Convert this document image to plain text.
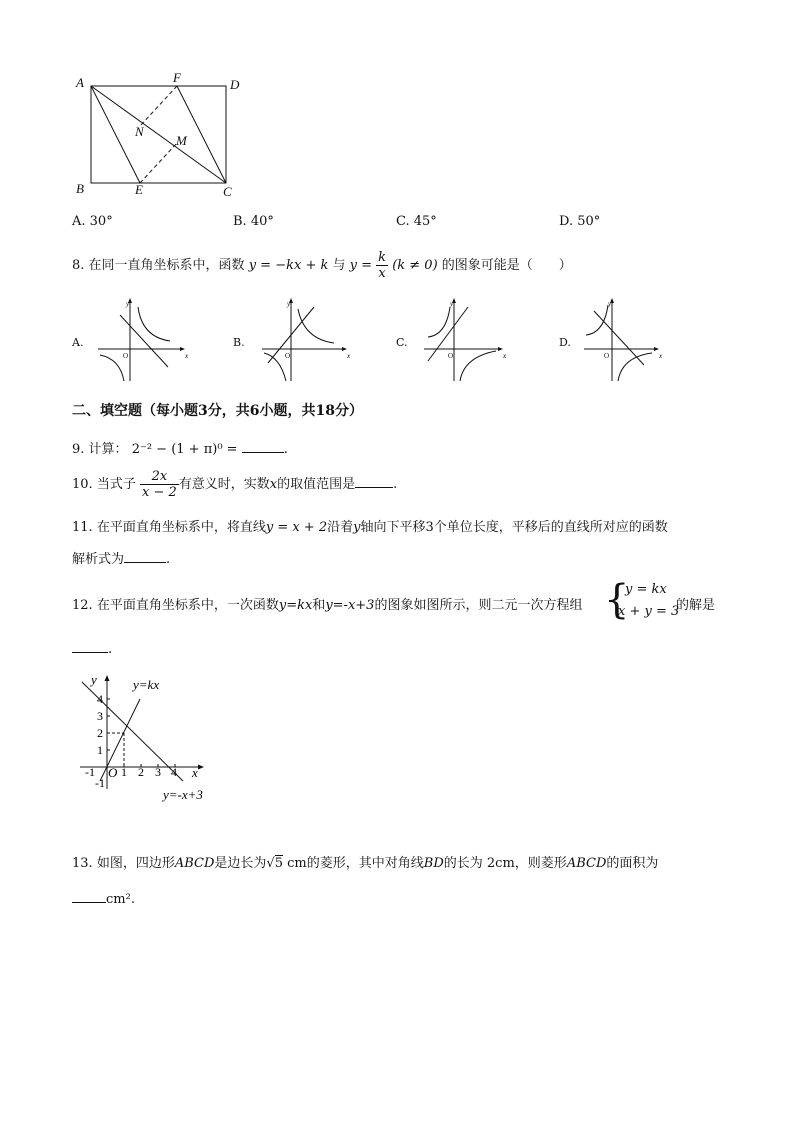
A	F	D
N
M
B	E	C
A. 30°	B. 40°	C. 45°	D. 50°
8. 在同一直角坐标系中，函数 y = −kx + k 与 $y = \frac{k}{x} (k \ne 0)$ 的图象可能是（　　）
y
x
O
A.
y
x
O
B.
y
x
O
C.
y
x
O
D.
二、填空题（每小题3分，共6小题，共18分）
9. 计算： 2⁻² − (1 + π)⁰ =	.
10. 当式子 $\frac{2x}{x - 2}$ 有意义时，实数x的取值范围是	.
11. 在平面直角坐标系中，将直线y = x + 2沿着y轴向下平移3个单位长度，平移后的直线所对应的函数
解析式为	.
12. 在平面直角坐标系中，一次函数y=kx和y=-x+3的图象如图所示，则二元一次方程组 {
y = kx
x + y = 3
的解是
.
y
x
O
y=kx
y=-x+3
-1 1 2 3 4
4
3
2
1
-1
13. 如图，四边形ABCD是边长为√5 cm的菱形，其中对角线BD的长为 2cm，则菱形ABCD的面积为
cm².
